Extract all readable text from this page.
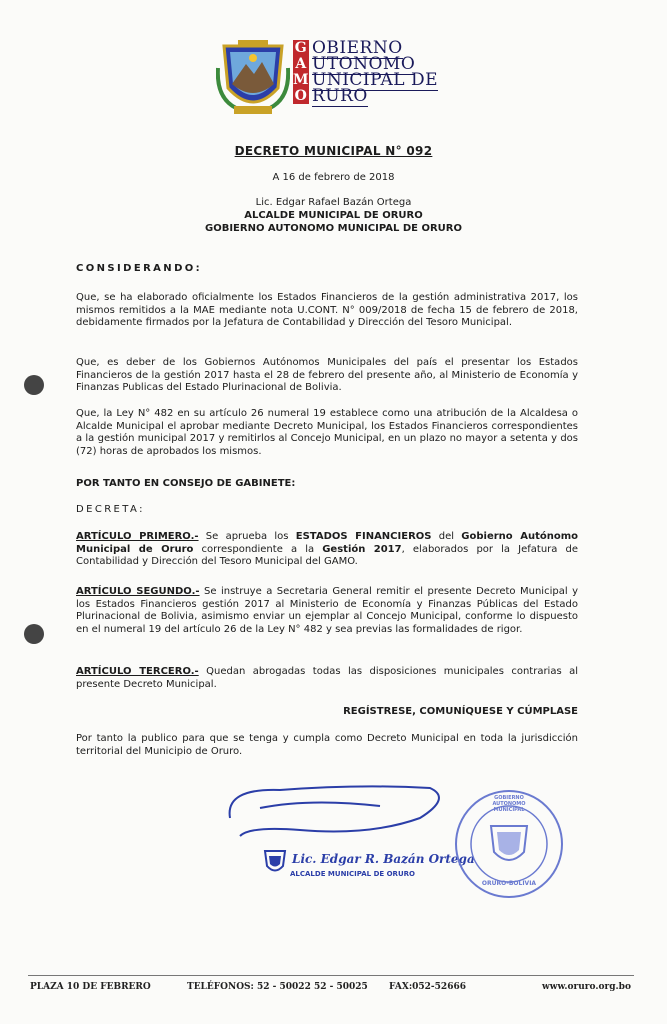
G OBIERNO
A UTONOMO
M UNICIPAL DE
O RURO
DECRETO MUNICIPAL N° 092
A 16 de febrero de 2018
Lic. Edgar Rafael Bazán Ortega
ALCALDE MUNICIPAL DE ORURO
GOBIERNO AUTONOMO MUNICIPAL DE ORURO
CONSIDERANDO:
Que, se ha elaborado oficialmente los Estados Financieros de la gestión administrativa 2017, los mismos remitidos a la MAE mediante nota U.CONT. N° 009/2018 de fecha 15 de febrero de 2018, debidamente firmados por la Jefatura de Contabilidad y Dirección del Tesoro Municipal.
Que, es deber de los Gobiernos Autónomos Municipales del país el presentar los Estados Financieros de la gestión 2017 hasta el 28 de febrero del presente año, al Ministerio de Economía y Finanzas Publicas del Estado Plurinacional de Bolivia.
Que, la Ley N° 482 en su artículo 26 numeral 19 establece como una atribución de la Alcaldesa o Alcalde Municipal el aprobar mediante Decreto Municipal, los Estados Financieros correspondientes a la gestión municipal 2017 y remitirlos al Concejo Municipal, en un plazo no mayor a setenta y dos (72) horas de aprobados los mismos.
POR TANTO EN CONSEJO DE GABINETE:
DECRETA:
ARTÍCULO PRIMERO.- Se aprueba los ESTADOS FINANCIEROS del Gobierno Autónomo Municipal de Oruro correspondiente a la Gestión 2017, elaborados por la Jefatura de Contabilidad y Dirección del Tesoro Municipal del GAMO.
ARTÍCULO SEGUNDO.- Se instruye a Secretaria General remitir el presente Decreto Municipal y los Estados Financieros gestión 2017 al Ministerio de Economía y Finanzas Públicas del Estado Plurinacional de Bolivia, asimismo enviar un ejemplar al Concejo Municipal, conforme lo dispuesto en el numeral 19 del artículo 26 de la Ley N° 482 y sea previas las formalidades de rigor.
ARTÍCULO TERCERO.- Quedan abrogadas todas las disposiciones municipales contrarias al presente Decreto Municipal.
REGÍSTRESE, COMUNÍQUESE Y CÚMPLASE
Por tanto la publico para que se tenga y cumpla como Decreto Municipal en toda la jurisdicción territorial del Municipio de Oruro.
Lic. Edgar R. Bazán Ortega
ALCALDE MUNICIPAL DE ORURO
GOBIERNO AUTONOMO MUNICIPAL
ORURO-BOLIVIA
PLAZA 10 DE FEBRERO	TELÉFONOS: 52 - 50022 52 - 50025 FAX:052-52666	www.oruro.org.bo
